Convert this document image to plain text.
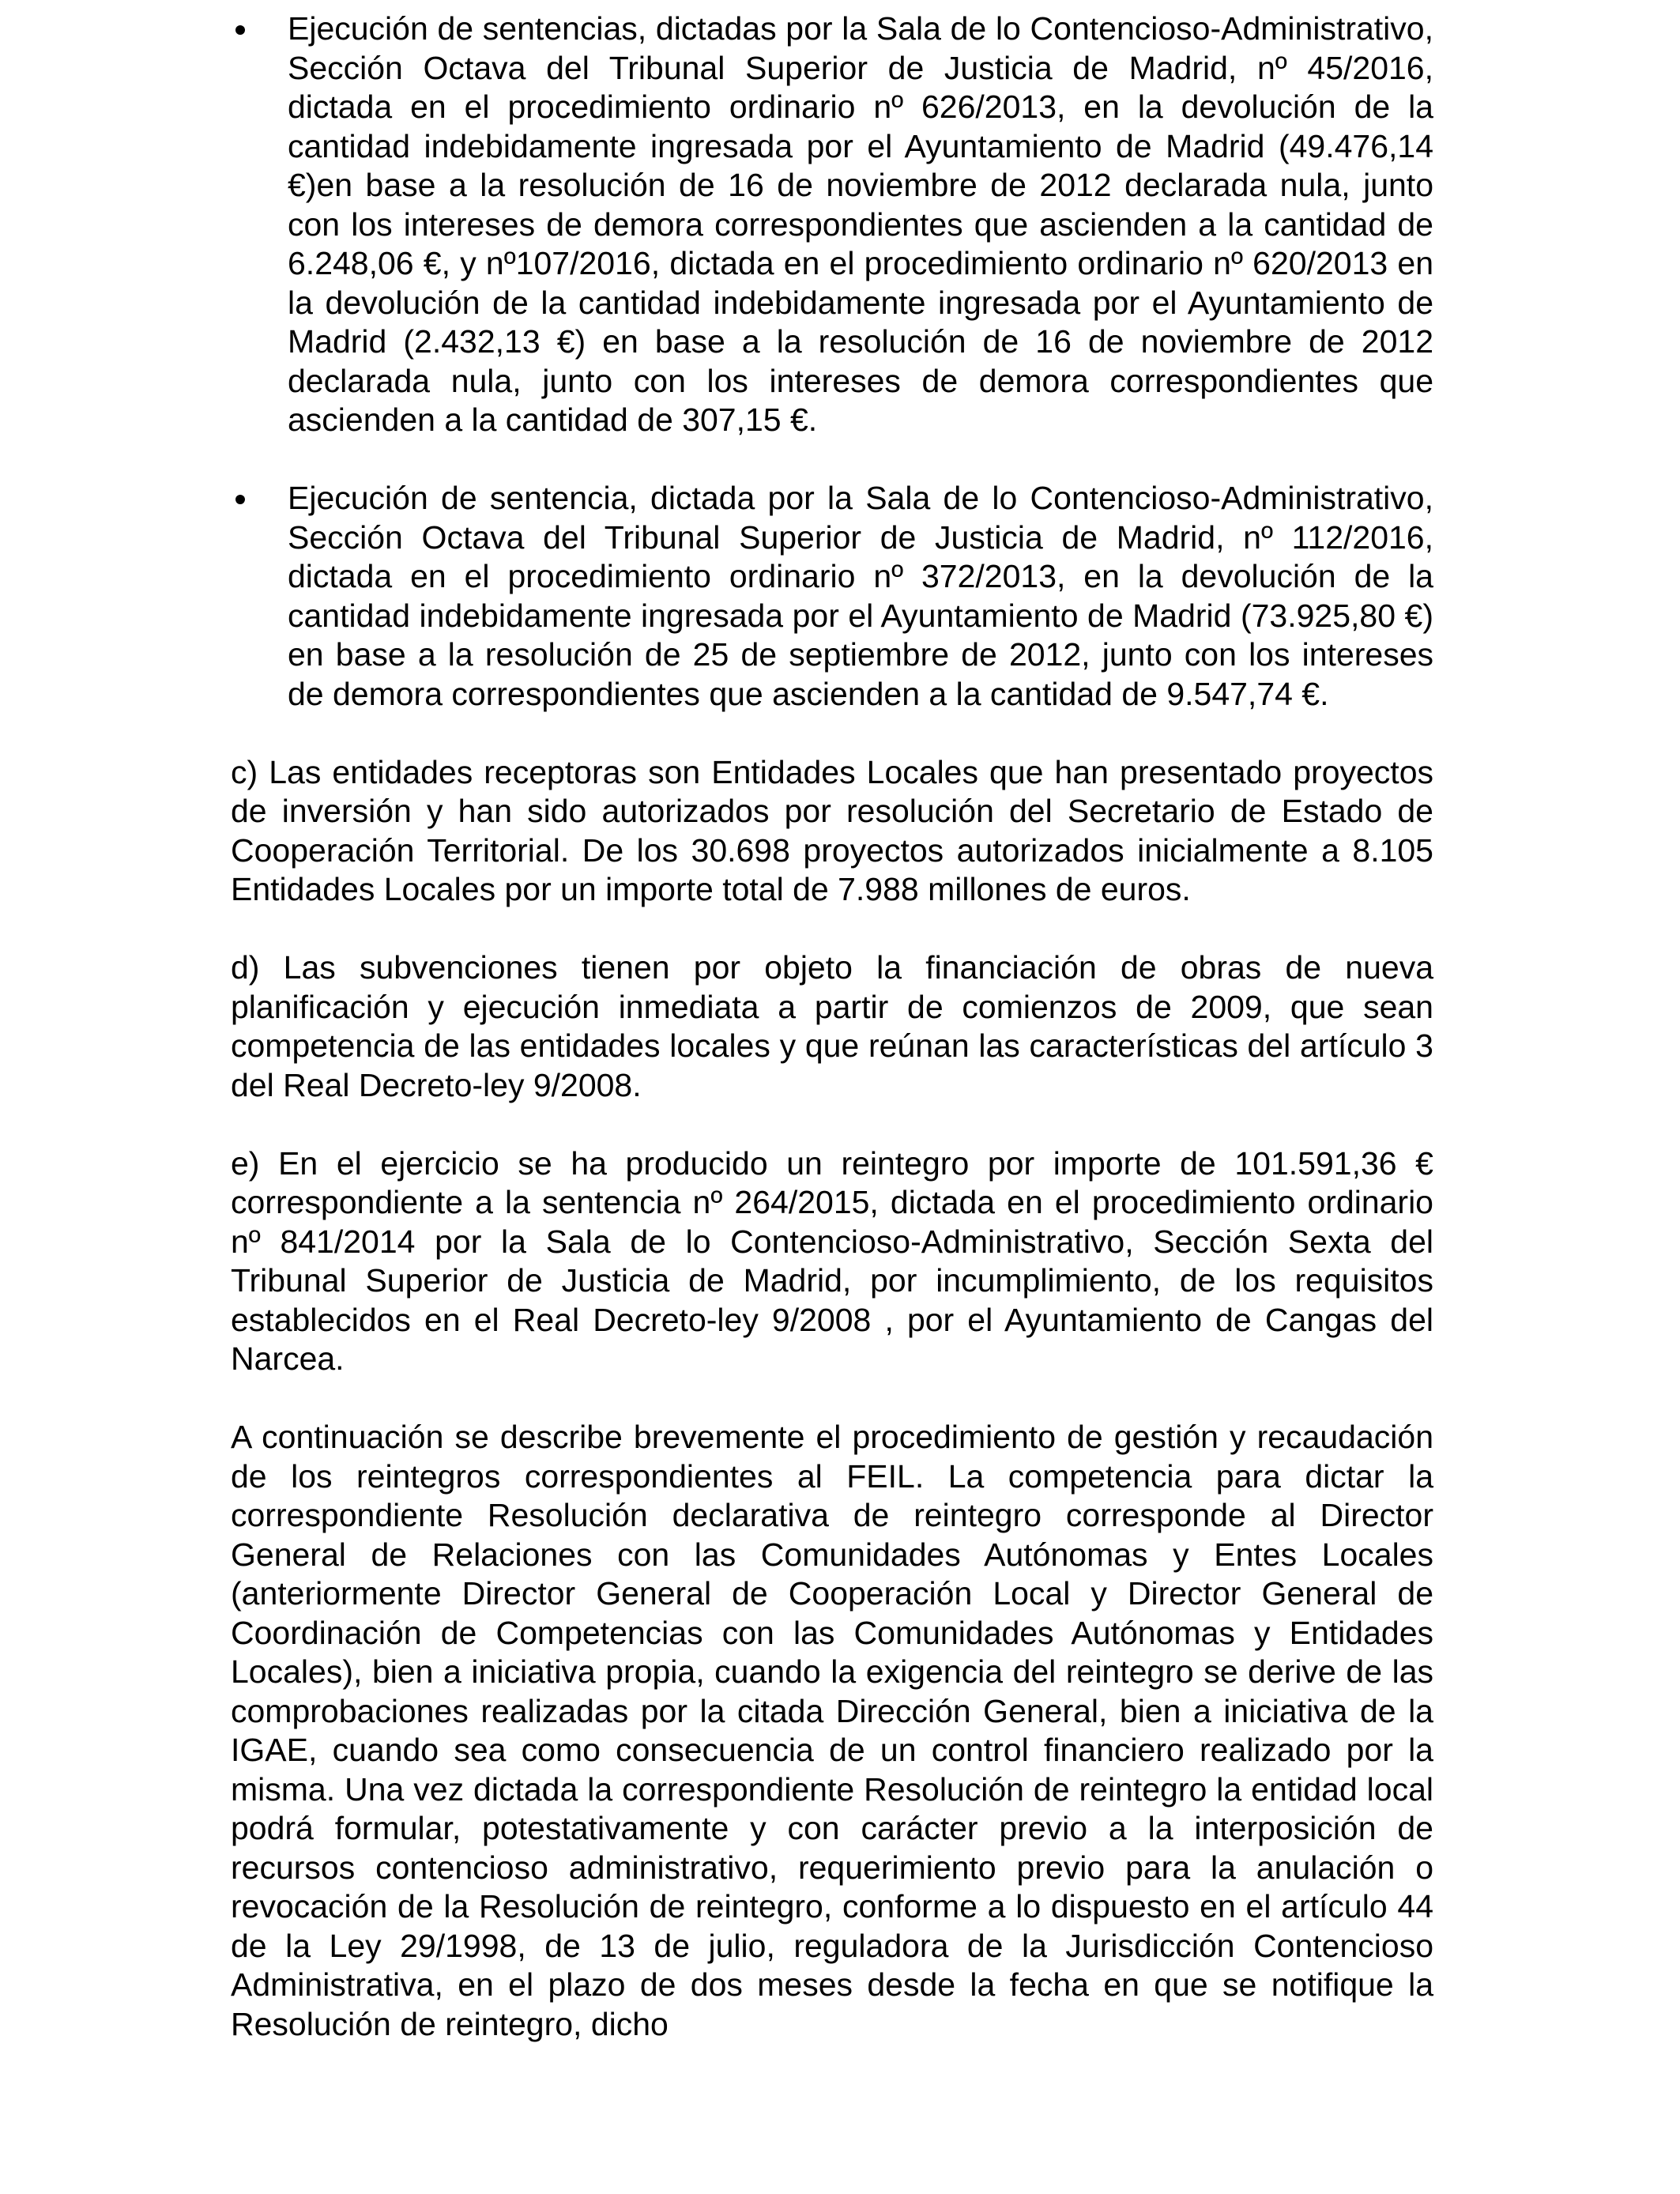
Ejecución de sentencias, dictadas por la Sala de lo Contencioso-Administrativo, Sección Octava del Tribunal Superior de Justicia de Madrid, nº 45/2016, dictada en el procedimiento ordinario nº 626/2013, en la devolución de la cantidad indebidamente ingresada por el Ayuntamiento de Madrid (49.476,14 €)en base a la resolución de 16 de noviembre de 2012 declarada nula, junto con los intereses de demora correspondientes que ascienden a la cantidad de 6.248,06 €, y nº107/2016, dictada en el procedimiento ordinario nº 620/2013 en la devolución de la cantidad indebidamente ingresada por el Ayuntamiento de Madrid (2.432,13 €) en base a la resolución de 16 de noviembre de 2012 declarada nula, junto con los intereses de demora correspondientes que ascienden a la cantidad de 307,15 €.
Ejecución de sentencia, dictada por la Sala de lo Contencioso-Administrativo, Sección Octava del Tribunal Superior de Justicia de Madrid, nº 112/2016, dictada en el procedimiento ordinario nº 372/2013, en la devolución de la cantidad indebidamente ingresada por el Ayuntamiento de Madrid (73.925,80 €) en base a la resolución de 25 de septiembre de 2012, junto con los intereses de demora correspondientes que ascienden a la cantidad de 9.547,74 €.
c) Las entidades receptoras son Entidades Locales que han presentado proyectos de inversión y han sido autorizados por resolución del Secretario de Estado de Cooperación Territorial. De los 30.698 proyectos autorizados inicialmente a 8.105 Entidades Locales por un importe total de 7.988 millones de euros.
d) Las subvenciones tienen por objeto la financiación de obras de nueva planificación y ejecución inmediata a partir de comienzos de 2009, que sean competencia de las entidades locales y que reúnan las características del artículo 3 del Real Decreto-ley 9/2008.
e) En el ejercicio se ha producido un reintegro por importe de 101.591,36 € correspondiente a la sentencia nº 264/2015, dictada en el procedimiento ordinario nº 841/2014 por la Sala de lo Contencioso-Administrativo, Sección Sexta del Tribunal Superior de Justicia de Madrid, por incumplimiento, de los requisitos establecidos en el Real Decreto-ley 9/2008 , por el Ayuntamiento de Cangas del Narcea.
A continuación se describe brevemente el procedimiento de gestión y recaudación de los reintegros correspondientes al FEIL. La competencia para dictar la correspondiente Resolución declarativa de reintegro corresponde al Director General de Relaciones con las Comunidades Autónomas y Entes Locales (anteriormente Director General de Cooperación Local y Director General de Coordinación de Competencias con las Comunidades Autónomas y Entidades Locales), bien a iniciativa propia, cuando la exigencia del reintegro se derive de las comprobaciones realizadas por la citada Dirección General, bien a iniciativa de la IGAE, cuando sea como consecuencia de un control financiero realizado por la misma. Una vez dictada la correspondiente Resolución de reintegro la entidad local podrá formular, potestativamente y con carácter previo a la interposición de recursos contencioso administrativo, requerimiento previo para la anulación o revocación de la Resolución de reintegro, conforme a lo dispuesto en el artículo 44 de la Ley 29/1998, de 13 de julio, reguladora de la Jurisdicción Contencioso Administrativa, en el plazo de dos meses desde la fecha en que se notifique la Resolución de reintegro, dicho
